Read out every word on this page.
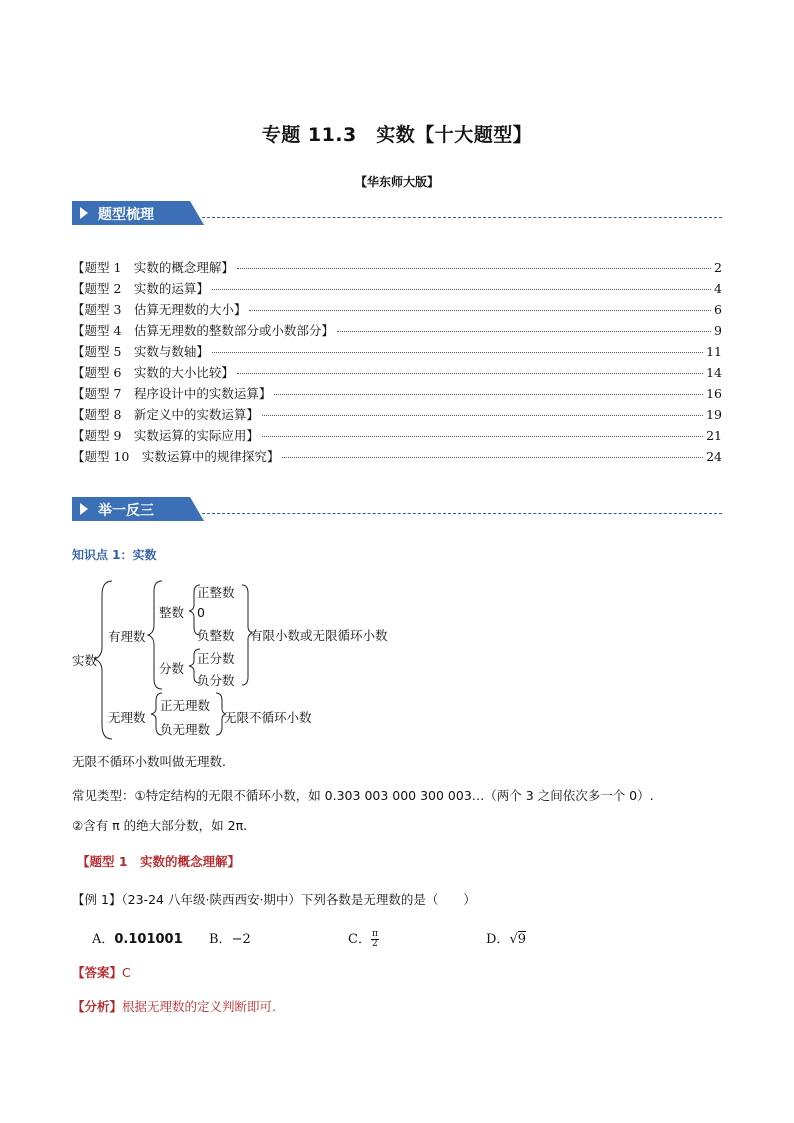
专题 11.3　实数【十大题型】
【华东师大版】
题型梳理
【题型 1　实数的概念理解】	2
【题型 2　实数的运算】	4
【题型 3　估算无理数的大小】	6
【题型 4　估算无理数的整数部分或小数部分】	9
【题型 5　实数与数轴】	11
【题型 6　实数的大小比较】	14
【题型 7　程序设计中的实数运算】	16
【题型 8　新定义中的实数运算】	19
【题型 9　实数运算的实际应用】	21
【题型 10　实数运算中的规律探究】	24
举一反三
知识点 1：实数
实数
有理数
整数
正整数
0
负整数
分数
正分数
负分数
有限小数或无限循环小数
无理数
正无理数
负无理数
无限不循环小数
无限不循环小数叫做无理数.
常见类型：①特定结构的无限不循环小数，如 0.303 003 000 300 003…（两个 3 之间依次多一个 0）.
②含有 π 的绝大部分数，如 2π.
【题型 1　实数的概念理解】
【例 1】（23-24 八年级·陕西西安·期中）下列各数是无理数的是（　　）
A．0.101001 B．−2	C． $\frac{\pi}{2}$	D．√9
【答案】C
【分析】根据无理数的定义判断即可.
